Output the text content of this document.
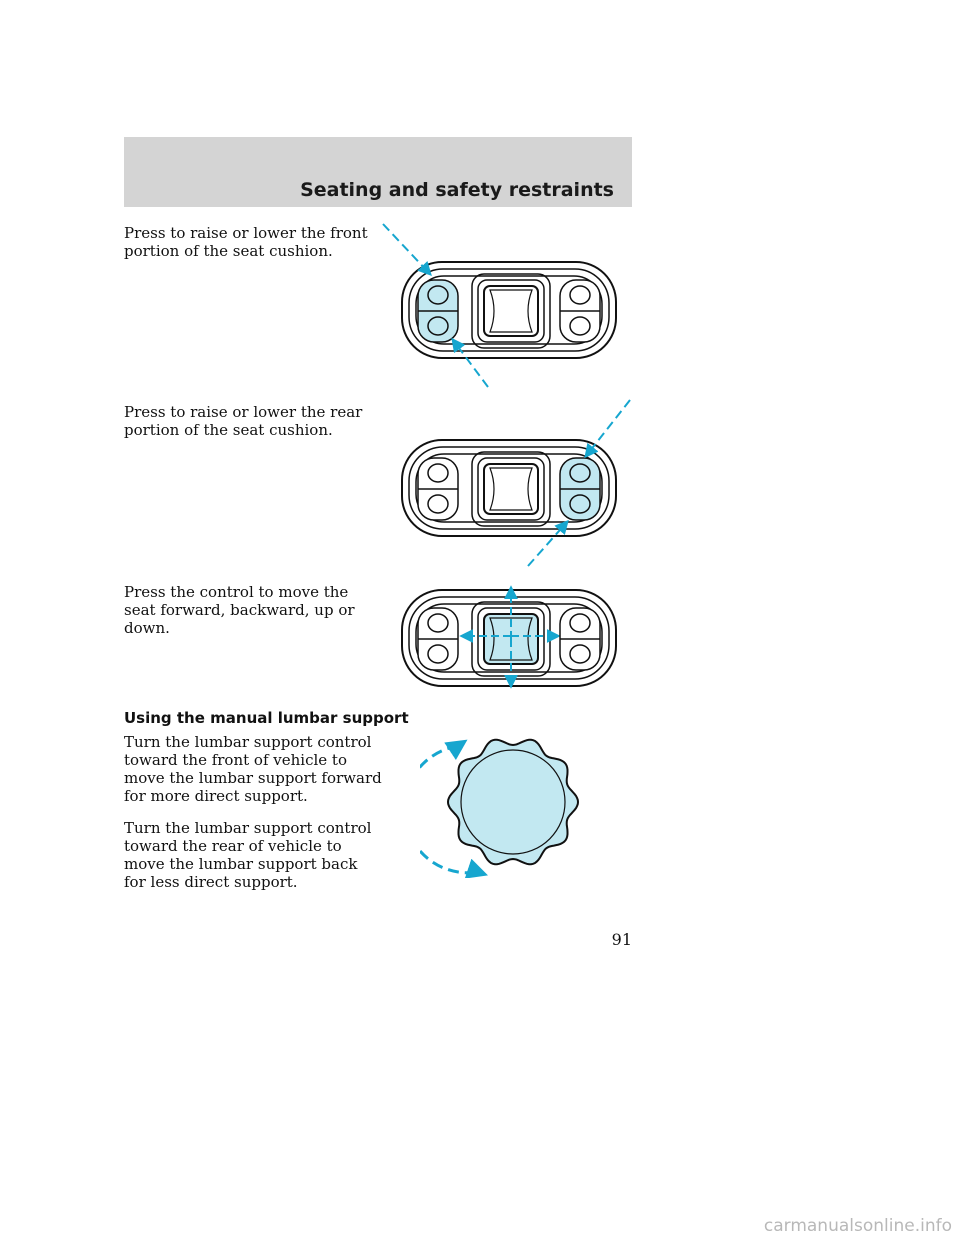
Seating and safety restraints

Press to raise or lower the front portion of the seat cushion.

Press to raise or lower the rear portion of the seat cushion.

Press the control to move the seat forward, backward, up or down.

Using the manual lumbar support

Turn the lumbar support control toward the front of vehicle to move the lumbar support forward for more direct support.

Turn the lumbar support control toward the rear of vehicle to move the lumbar support back for less direct support.

91
carmanualsonline.info
